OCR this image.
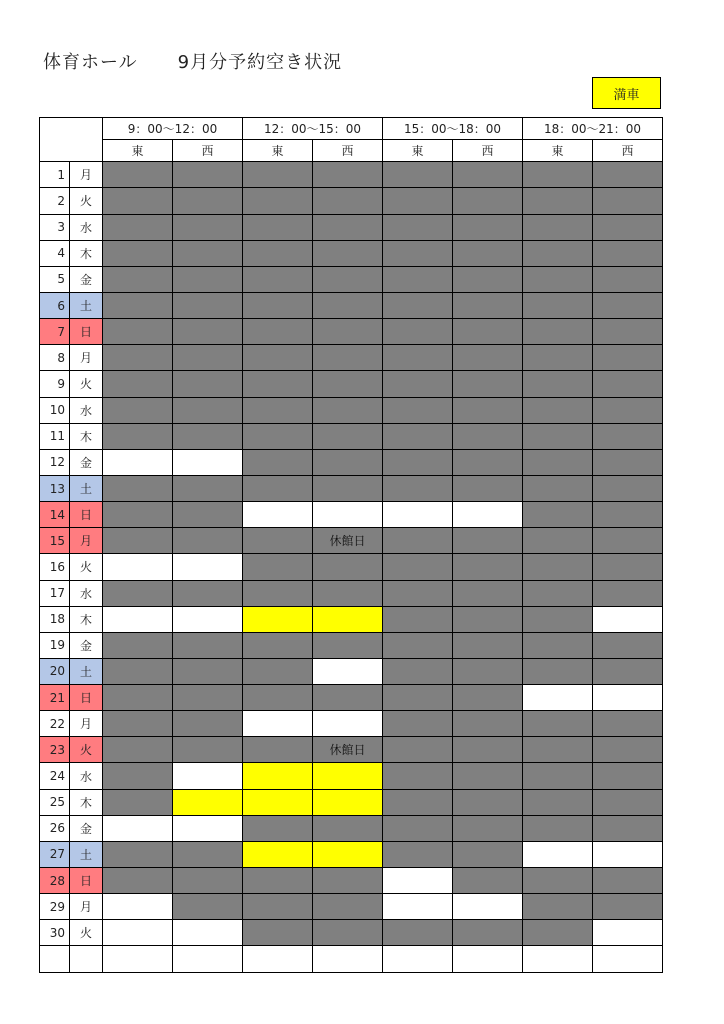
体育ホール 9月分予約空き状況
満車
		9：00～12：00		12：00～15：00		15：00～18：00		18：00～21：00	
		東	西	東	西	東	西	東	西
1	月								
2	火								
3	水								
4	木								
5	金								
6	土								
7	日								
8	月								
9	火								
10	水								
11	木								
12	金								
13	土								
14	日								
15	月				休館日				
16	火								
17	水								
18	木								
19	金								
20	土								
21	日								
22	月								
23	火				休館日				
24	水								
25	木								
26	金								
27	土								
28	日								
29	月								
30	火								
